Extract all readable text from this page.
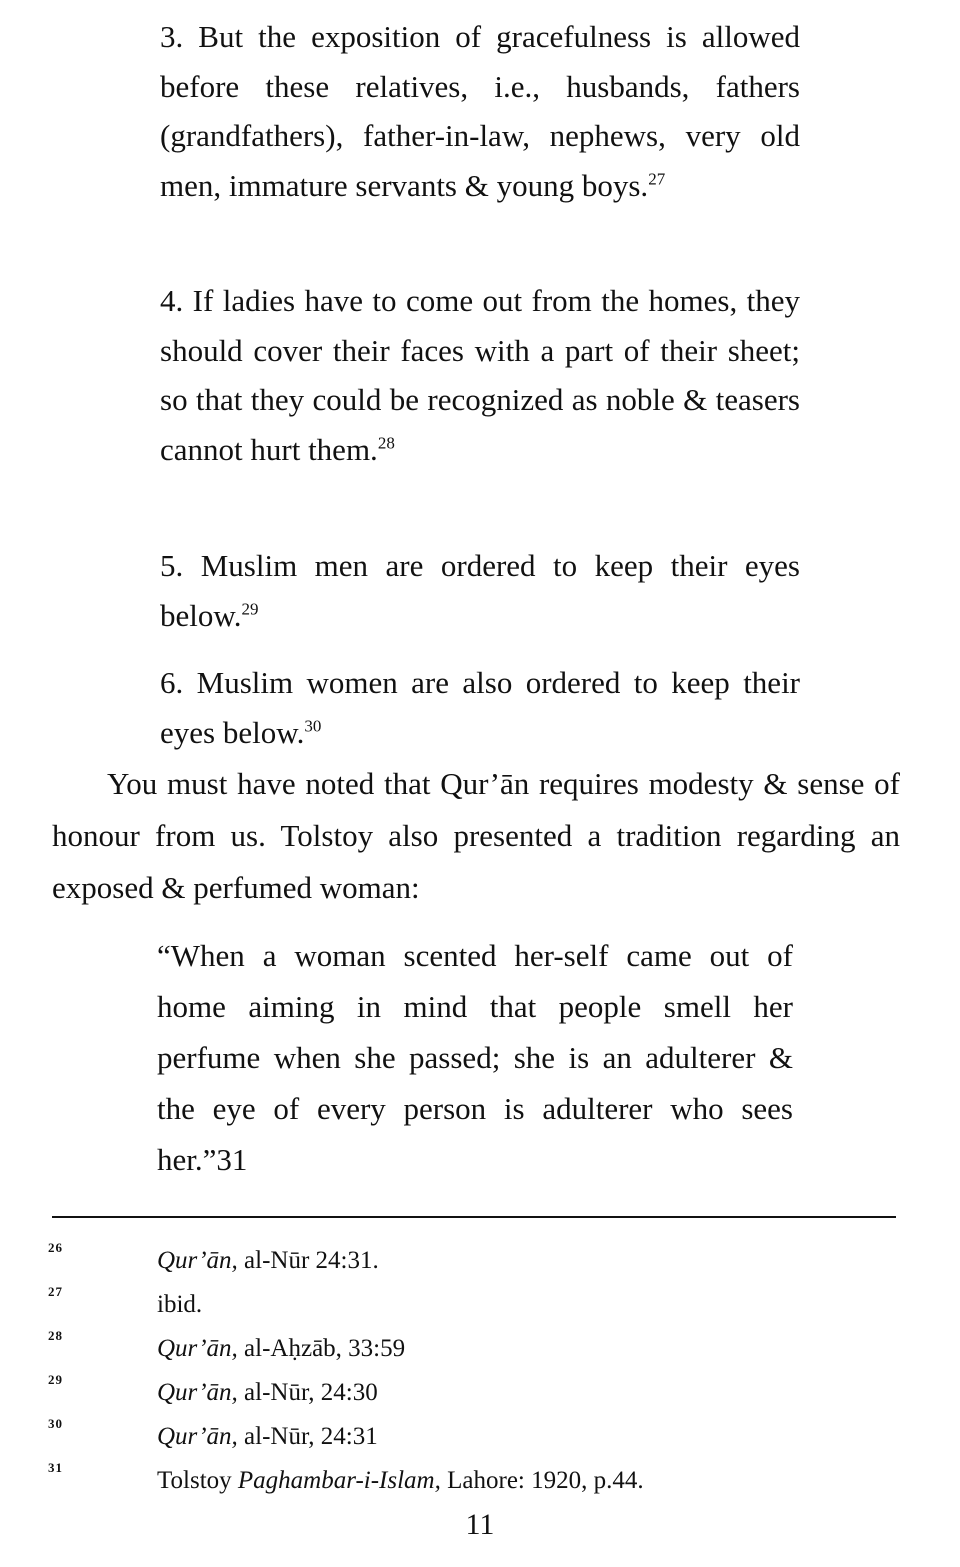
3. But the exposition of gracefulness is allowed before these relatives, i.e., husbands, fathers (grandfathers), father-in-law, nephews, very old men, immature servants & young boys.$^{27}$
4. If ladies have to come out from the homes, they should cover their faces with a part of their sheet; so that they could be recognized as noble & teasers cannot hurt them.$^{28}$
5. Muslim men are ordered to keep their eyes below.$^{29}$
6. Muslim women are also ordered to keep their eyes below.$^{30}$
You must have noted that Qur’ān requires modesty & sense of honour from us. Tolstoy also presented a tradition regarding an exposed & perfumed woman:
“When a woman scented her-self came out of home aiming in mind that people smell her perfume when she passed; she is an adulterer & the eye of every person is adulterer who sees her.”31
26	Qur’ān, al-Nūr 24:31.
27	ibid.
28	Qur’ān, al-Aḥzāb, 33:59
29	Qur’ān, al-Nūr, 24:30
30	Qur’ān, al-Nūr, 24:31
31	Tolstoy Paghambar-i-Islam, Lahore: 1920, p.44.
11
